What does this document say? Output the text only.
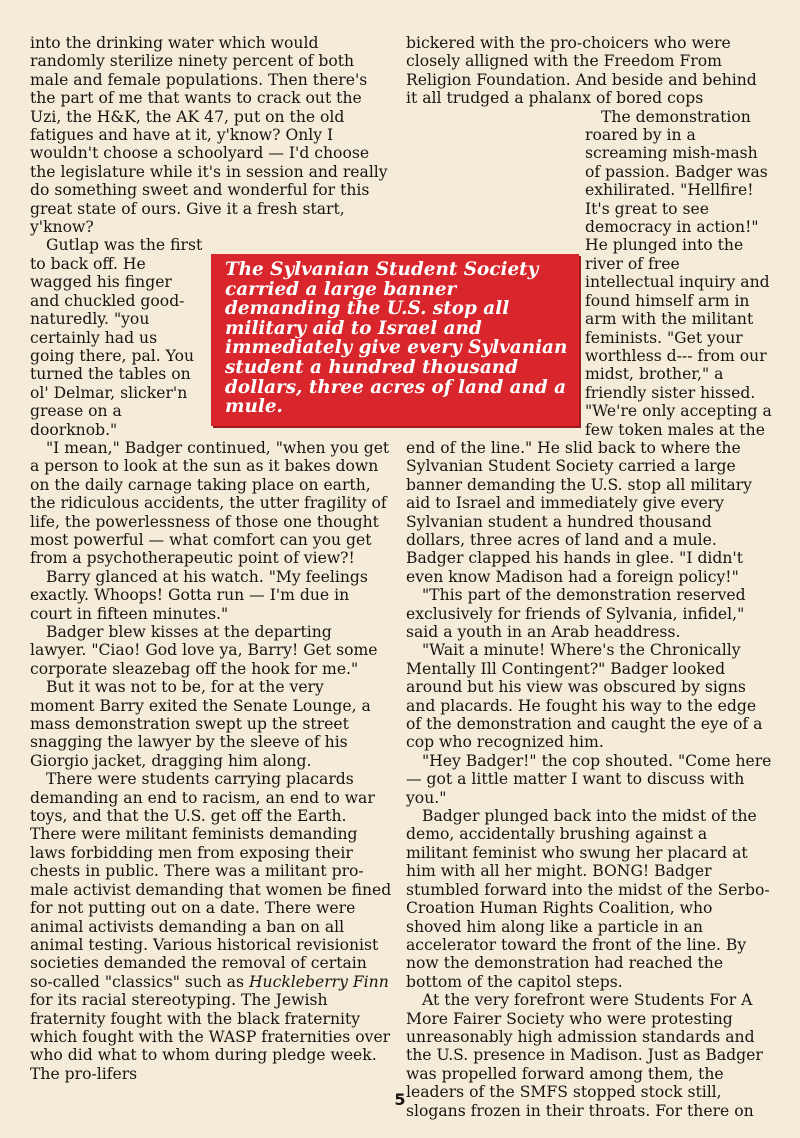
into the drinking water which would randomly sterilize ninety percent of both male and female populations. Then there's the part of me that wants to crack out the Uzi, the H&K, the AK 47, put on the old fatigues and have at it, y'know? Only I wouldn't choose a schoolyard — I'd choose the legislature while it's in session and really do something sweet and wonderful for this great state of ours. Give it a fresh start, y'know?

Gutlap was the first to back off. He wagged his finger and chuckled good-naturedly. "you certainly had us going there, pal. You turned the tables on ol' Delmar, slicker'n grease on a doorknob."

"I mean," Badger continued, "when you get a person to look at the sun as it bakes down on the daily carnage taking place on earth, the ridiculous accidents, the utter fragility of life, the powerlessness of those one thought most powerful — what comfort can you get from a psychotherapeutic point of view?!

Barry glanced at his watch. "My feelings exactly. Whoops! Gotta run — I'm due in court in fifteen minutes."

Badger blew kisses at the departing lawyer. "Ciao! God love ya, Barry! Get some corporate sleazebag off the hook for me."

But it was not to be, for at the very moment Barry exited the Senate Lounge, a mass demonstration swept up the street snagging the lawyer by the sleeve of his Giorgio jacket, dragging him along.

There were students carrying placards demanding an end to racism, an end to war toys, and that the U.S. get off the Earth. There were militant feminists demanding laws forbidding men from exposing their chests in public. There was a militant pro-male activist demanding that women be fined for not putting out on a date. There were animal activists demanding a ban on all animal testing. Various historical revisionist societies demanded the removal of certain so-called "classics" such as Huckleberry Finn for its racial stereotyping. The Jewish fraternity fought with the black fraternity which fought with the WASP fraternities over who did what to whom during pledge week. The pro-lifers

bickered with the pro-choicers who were closely alligned with the Freedom From Religion Foundation. And beside and behind it all trudged a phalanx of bored cops

The demonstration roared by in a screaming mish-mash of passion. Badger was exhilirated. "Hellfire! It's great to see democracy in action!" He plunged into the river of free intellectual inquiry and found himself arm in arm with the militant feminists. "Get your worthless d--- from our midst, brother," a friendly sister hissed. "We're only accepting a few token males at the end of the line." He slid back to where the Sylvanian Student Society carried a large banner demanding the U.S. stop all military aid to Israel and immediately give every Sylvanian student a hundred thousand dollars, three acres of land and a mule. Badger clapped his hands in glee. "I didn't even know Madison had a foreign policy!"

"This part of the demonstration reserved exclusively for friends of Sylvania, infidel," said a youth in an Arab headdress.

"Wait a minute! Where's the Chronically Mentally Ill Contingent?" Badger looked around but his view was obscured by signs and placards. He fought his way to the edge of the demonstration and caught the eye of a cop who recognized him.

"Hey Badger!" the cop shouted. "Come here — got a little matter I want to discuss with you."

Badger plunged back into the midst of the demo, accidentally brushing against a militant feminist who swung her placard at him with all her might. BONG! Badger stumbled forward into the midst of the Serbo-Croation Human Rights Coalition, who shoved him along like a particle in an accelerator toward the front of the line. By now the demonstration had reached the bottom of the capitol steps.

At the very forefront were Students For A More Fairer Society who were protesting unreasonably high admission standards and the U.S. presence in Madison. Just as Badger was propelled forward among them, the leaders of the SMFS stopped stock still, slogans frozen in their throats. For there on

The Sylvanian Student Society carried a large banner demanding the U.S. stop all military aid to Israel and immediately give every Sylvanian student a hundred thousand dollars, three acres of land and a mule.
5
